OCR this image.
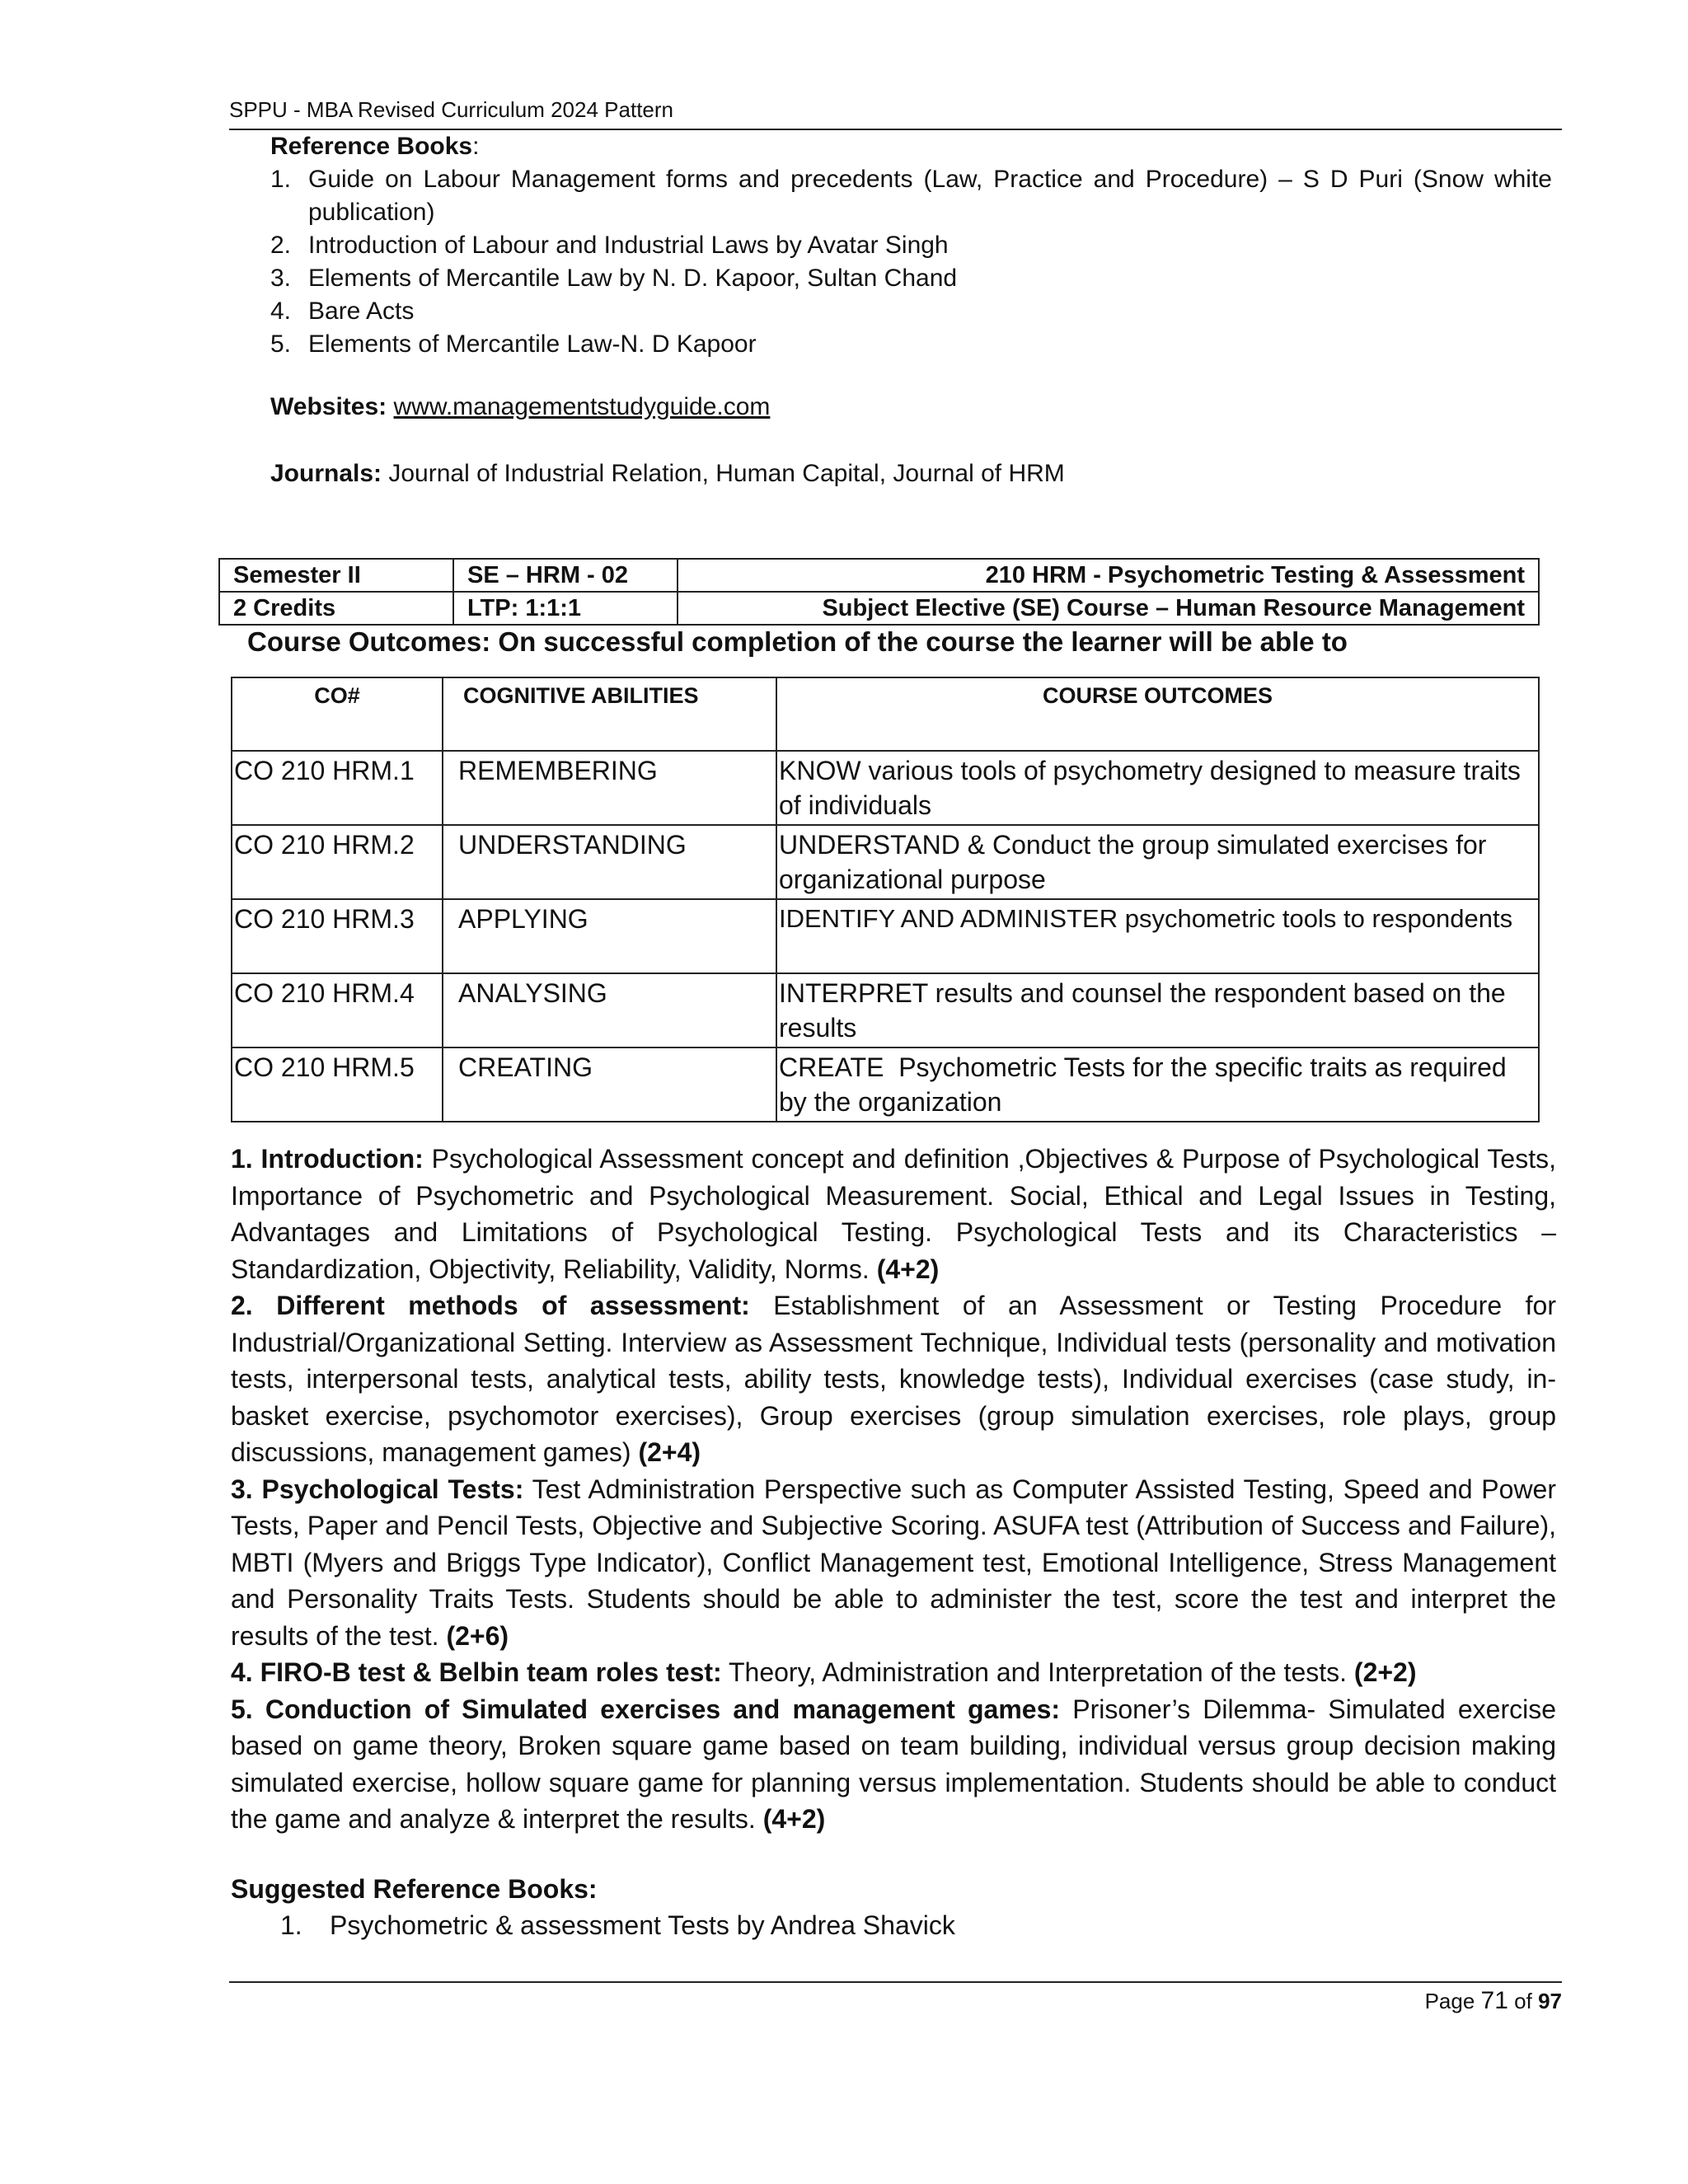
SPPU - MBA Revised Curriculum 2024 Pattern
Reference Books:
1. Guide on Labour Management forms and precedents (Law, Practice and Procedure) – S D Puri (Snow white publication)
2. Introduction of Labour and Industrial Laws by Avatar Singh
3. Elements of Mercantile Law by N. D. Kapoor, Sultan Chand
4. Bare Acts
5. Elements of Mercantile Law-N. D Kapoor
Websites: www.managementstudyguide.com
Journals: Journal of Industrial Relation, Human Capital, Journal of HRM
Semester II	SE – HRM - 02	210 HRM - Psychometric Testing & Assessment
2 Credits	LTP: 1:1:1	Subject Elective (SE) Course – Human Resource Management
Course Outcomes: On successful completion of the course the learner will be able to
CO#	COGNITIVE ABILITIES	COURSE OUTCOMES
CO 210 HRM.1	REMEMBERING	KNOW various tools of psychometry designed to measure traits of individuals
CO 210 HRM.2	UNDERSTANDING	UNDERSTAND & Conduct the group simulated exercises for organizational purpose
CO 210 HRM.3	APPLYING	IDENTIFY AND ADMINISTER psychometric tools to respondents
CO 210 HRM.4	ANALYSING	INTERPRET results and counsel the respondent based on the results
CO 210 HRM.5	CREATING	CREATE  Psychometric Tests for the specific traits as required by the organization

1. Introduction: Psychological Assessment concept and definition ,Objectives & Purpose of Psychological Tests, Importance of Psychometric and Psychological Measurement. Social, Ethical and Legal Issues in Testing, Advantages and Limitations of Psychological Testing. Psychological Tests and its Characteristics – Standardization, Objectivity, Reliability, Validity, Norms. (4+2)

2. Different methods of assessment: Establishment of an Assessment or Testing Procedure for Industrial/Organizational Setting. Interview as Assessment Technique, Individual tests (personality and motivation tests, interpersonal tests, analytical tests, ability tests, knowledge tests), Individual exercises (case study, in-basket exercise, psychomotor exercises), Group exercises (group simulation exercises, role plays, group discussions, management games) (2+4)

3. Psychological Tests: Test Administration Perspective such as Computer Assisted Testing, Speed and Power Tests, Paper and Pencil Tests, Objective and Subjective Scoring. ASUFA test (Attribution of Success and Failure), MBTI (Myers and Briggs Type Indicator), Conflict Management test, Emotional Intelligence, Stress Management and Personality Traits Tests. Students should be able to administer the test, score the test and interpret the results of the test. (2+6)

4. FIRO-B test & Belbin team roles test: Theory, Administration and Interpretation of the tests. (2+2)

5. Conduction of Simulated exercises and management games: Prisoner’s Dilemma- Simulated exercise based on game theory, Broken square game based on team building, individual versus group decision making simulated exercise, hollow square game for planning versus implementation. Students should be able to conduct the game and analyze & interpret the results. (4+2)

Suggested Reference Books:
1.	Psychometric & assessment Tests by Andrea Shavick
Page 71 of 97
